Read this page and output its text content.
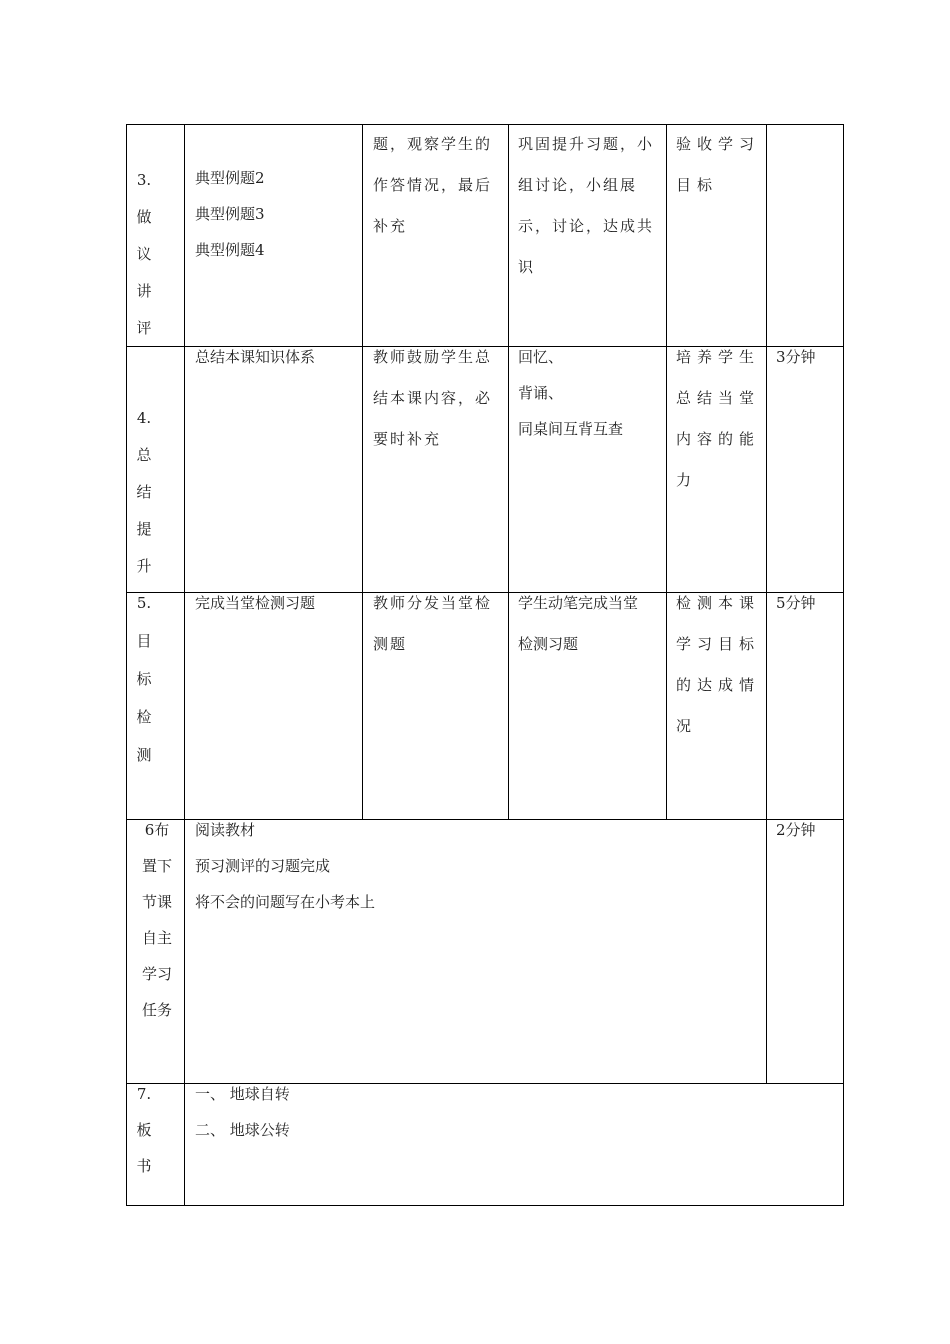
3.
做
议
讲
评
典型例题2
典型例题3
典型例题4
题，观察学生的
作答情况，最后
补充
巩固提升习题，小
组讨论，小组展
示，讨论，达成共
识
验收学习
目标
4.
总
结
提
升
总结本课知识体系	教师鼓励学生总
结本课内容，必
要时补充
回忆、
背诵、
同桌间互背互查
培养学生
总结当堂
内容的能
力
3分钟
5.
目
标
检
测
完成当堂检测习题	教师分发当堂检
测题
学生动笔完成当堂
检测习题
检测本课
学习目标
的达成情
况
5分钟
6布
置下
节课
自主
学习
任务
阅读教材
预习测评的习题完成
将不会的问题写在小考本上
2分钟
7.
板
书
一、 地球自转
二、 地球公转
